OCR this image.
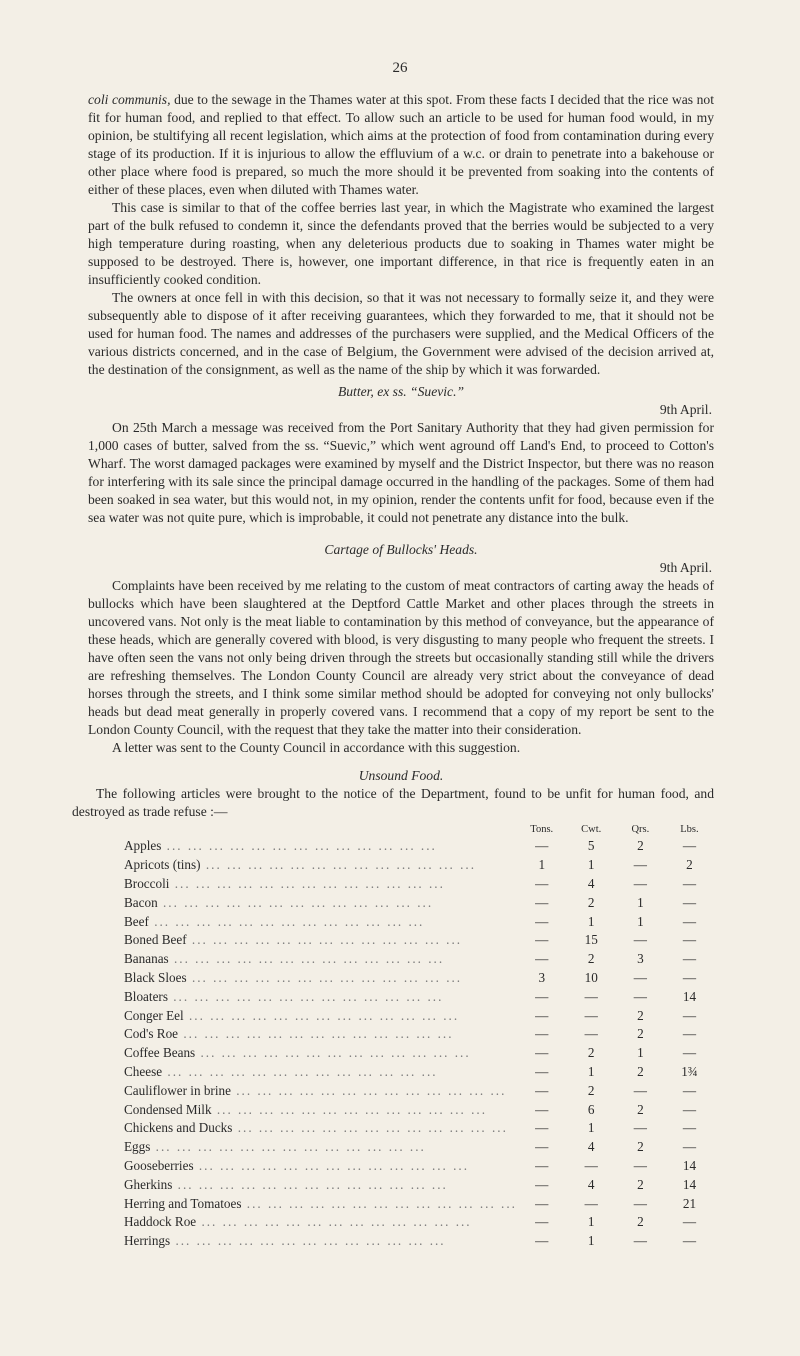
26

coli communis, due to the sewage in the Thames water at this spot. From these facts I decided that the rice was not fit for human food, and replied to that effect. To allow such an article to be used for human food would, in my opinion, be stultifying all recent legislation, which aims at the protection of food from contamination during every stage of its production. If it is injurious to allow the effluvium of a w.c. or drain to penetrate into a bakehouse or other place where food is prepared, so much the more should it be prevented from soaking into the contents of either of these places, even when diluted with Thames water.

This case is similar to that of the coffee berries last year, in which the Magistrate who examined the largest part of the bulk refused to condemn it, since the defendants proved that the berries would be subjected to a very high temperature during roasting, when any deleterious products due to soaking in Thames water might be supposed to be destroyed. There is, however, one important difference, in that rice is frequently eaten in an insufficiently cooked condition.

The owners at once fell in with this decision, so that it was not necessary to formally seize it, and they were subsequently able to dispose of it after receiving guarantees, which they forwarded to me, that it should not be used for human food. The names and addresses of the purchasers were supplied, and the Medical Officers of the various districts concerned, and in the case of Belgium, the Government were advised of the decision arrived at, the destination of the consignment, as well as the name of the ship by which it was forwarded.

Butter, ex ss. “Suevic.”
9th April.

On 25th March a message was received from the Port Sanitary Authority that they had given permission for 1,000 cases of butter, salved from the ss. “Suevic,” which went aground off Land's End, to proceed to Cotton's Wharf. The worst damaged packages were examined by myself and the District Inspector, but there was no reason for interfering with its sale since the principal damage occurred in the handling of the packages. Some of them had been soaked in sea water, but this would not, in my opinion, render the contents unfit for food, because even if the sea water was not quite pure, which is improbable, it could not penetrate any distance into the bulk.

Cartage of Bullocks' Heads.
9th April.

Complaints have been received by me relating to the custom of meat contractors of carting away the heads of bullocks which have been slaughtered at the Deptford Cattle Market and other places through the streets in uncovered vans. Not only is the meat liable to contamination by this method of conveyance, but the appearance of these heads, which are generally covered with blood, is very disgusting to many people who frequent the streets. I have often seen the vans not only being driven through the streets but occasionally standing still while the drivers are refreshing themselves. The London County Council are already very strict about the conveyance of dead horses through the streets, and I think some similar method should be adopted for conveying not only bullocks' heads but dead meat generally in properly covered vans. I recommend that a copy of my report be sent to the London County Council, with the request that they take the matter into their consideration.

A letter was sent to the County Council in accordance with this suggestion.

Unsound Food.

The following articles were brought to the notice of the Department, found to be unfit for human food, and destroyed as trade refuse :—

	Tons.	Cwt.	Qrs.	Lbs.
Apples ... ... ... ... ... ... ... ... ... ... ... ... ...	—	5	2	—
Apricots (tins) ... ... ... ... ... ... ... ... ... ... ... ... ...	1	1	—	2
Broccoli ... ... ... ... ... ... ... ... ... ... ... ... ...	—	4	—	—
Bacon ... ... ... ... ... ... ... ... ... ... ... ... ...	—	2	1	—
Beef ... ... ... ... ... ... ... ... ... ... ... ... ...	—	1	1	—
Boned Beef ... ... ... ... ... ... ... ... ... ... ... ... ...	—	15	—	—
Bananas ... ... ... ... ... ... ... ... ... ... ... ... ...	—	2	3	—
Black Sloes ... ... ... ... ... ... ... ... ... ... ... ... ...	3	10	—	—
Bloaters ... ... ... ... ... ... ... ... ... ... ... ... ...	—	—	—	14
Conger Eel ... ... ... ... ... ... ... ... ... ... ... ... ...	—	—	2	—
Cod's Roe ... ... ... ... ... ... ... ... ... ... ... ... ...	—	—	2	—
Coffee Beans ... ... ... ... ... ... ... ... ... ... ... ... ...	—	2	1	—
Cheese ... ... ... ... ... ... ... ... ... ... ... ... ...	—	1	2	1¾
Cauliflower in brine ... ... ... ... ... ... ... ... ... ... ... ... ...	—	2	—	—
Condensed Milk ... ... ... ... ... ... ... ... ... ... ... ... ...	—	6	2	—
Chickens and Ducks ... ... ... ... ... ... ... ... ... ... ... ... ...	—	1	—	—
Eggs ... ... ... ... ... ... ... ... ... ... ... ... ...	—	4	2	—
Gooseberries ... ... ... ... ... ... ... ... ... ... ... ... ...	—	—	—	14
Gherkins ... ... ... ... ... ... ... ... ... ... ... ... ...	—	4	2	14
Herring and Tomatoes ... ... ... ... ... ... ... ... ... ... ... ... ...	—	—	—	21
Haddock Roe ... ... ... ... ... ... ... ... ... ... ... ... ...	—	1	2	—
Herrings ... ... ... ... ... ... ... ... ... ... ... ... ...	—	1	—	—
